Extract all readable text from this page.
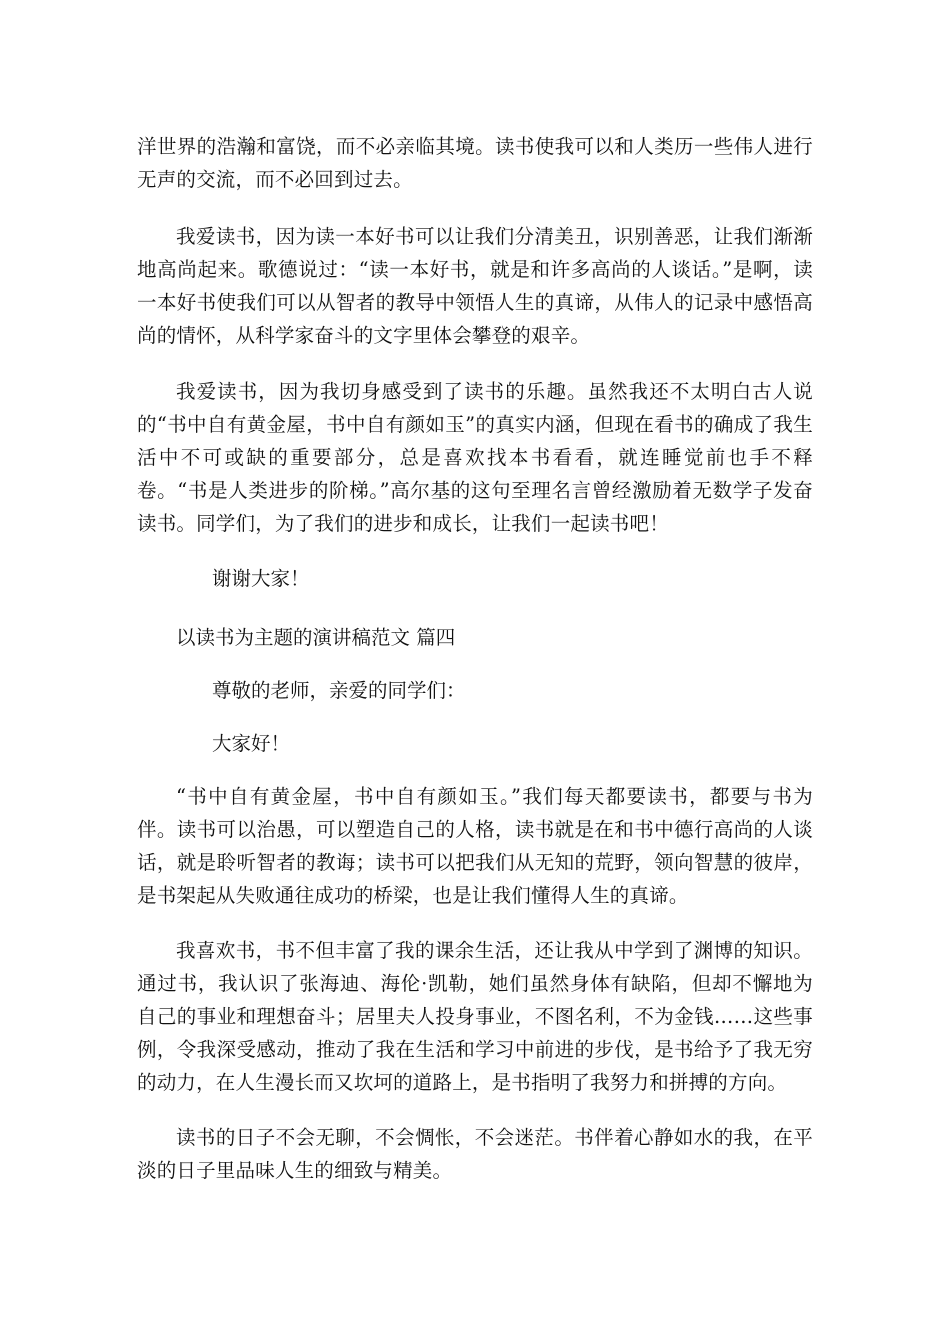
洋世界的浩瀚和富饶，而不必亲临其境。读书使我可以和人类历一些伟人进行无声的交流，而不必回到过去。

我爱读书，因为读一本好书可以让我们分清美丑，识别善恶，让我们渐渐地高尚起来。歌德说过：“读一本好书，就是和许多高尚的人谈话。”是啊，读一本好书使我们可以从智者的教导中领悟人生的真谛，从伟人的记录中感悟高尚的情怀，从科学家奋斗的文字里体会攀登的艰辛。

我爱读书，因为我切身感受到了读书的乐趣。虽然我还不太明白古人说的“书中自有黄金屋，书中自有颜如玉”的真实内涵，但现在看书的确成了我生活中不可或缺的重要部分，总是喜欢找本书看看，就连睡觉前也手不释卷。“书是人类进步的阶梯。”高尔基的这句至理名言曾经激励着无数学子发奋读书。同学们，为了我们的进步和成长，让我们一起读书吧！

谢谢大家！

以读书为主题的演讲稿范文 篇四

尊敬的老师，亲爱的同学们：

大家好！

“书中自有黄金屋，书中自有颜如玉。”我们每天都要读书，都要与书为伴。读书可以治愚，可以塑造自己的人格，读书就是在和书中德行高尚的人谈话，就是聆听智者的教诲；读书可以把我们从无知的荒野，领向智慧的彼岸，是书架起从失败通往成功的桥梁，也是让我们懂得人生的真谛。

我喜欢书，书不但丰富了我的课余生活，还让我从中学到了渊博的知识。通过书，我认识了张海迪、海伦·凯勒，她们虽然身体有缺陷，但却不懈地为自己的事业和理想奋斗；居里夫人投身事业，不图名利，不为金钱……这些事例，令我深受感动，推动了我在生活和学习中前进的步伐，是书给予了我无穷的动力，在人生漫长而又坎坷的道路上，是书指明了我努力和拼搏的方向。

读书的日子不会无聊，不会惆怅，不会迷茫。书伴着心静如水的我，在平淡的日子里品味人生的细致与精美。
